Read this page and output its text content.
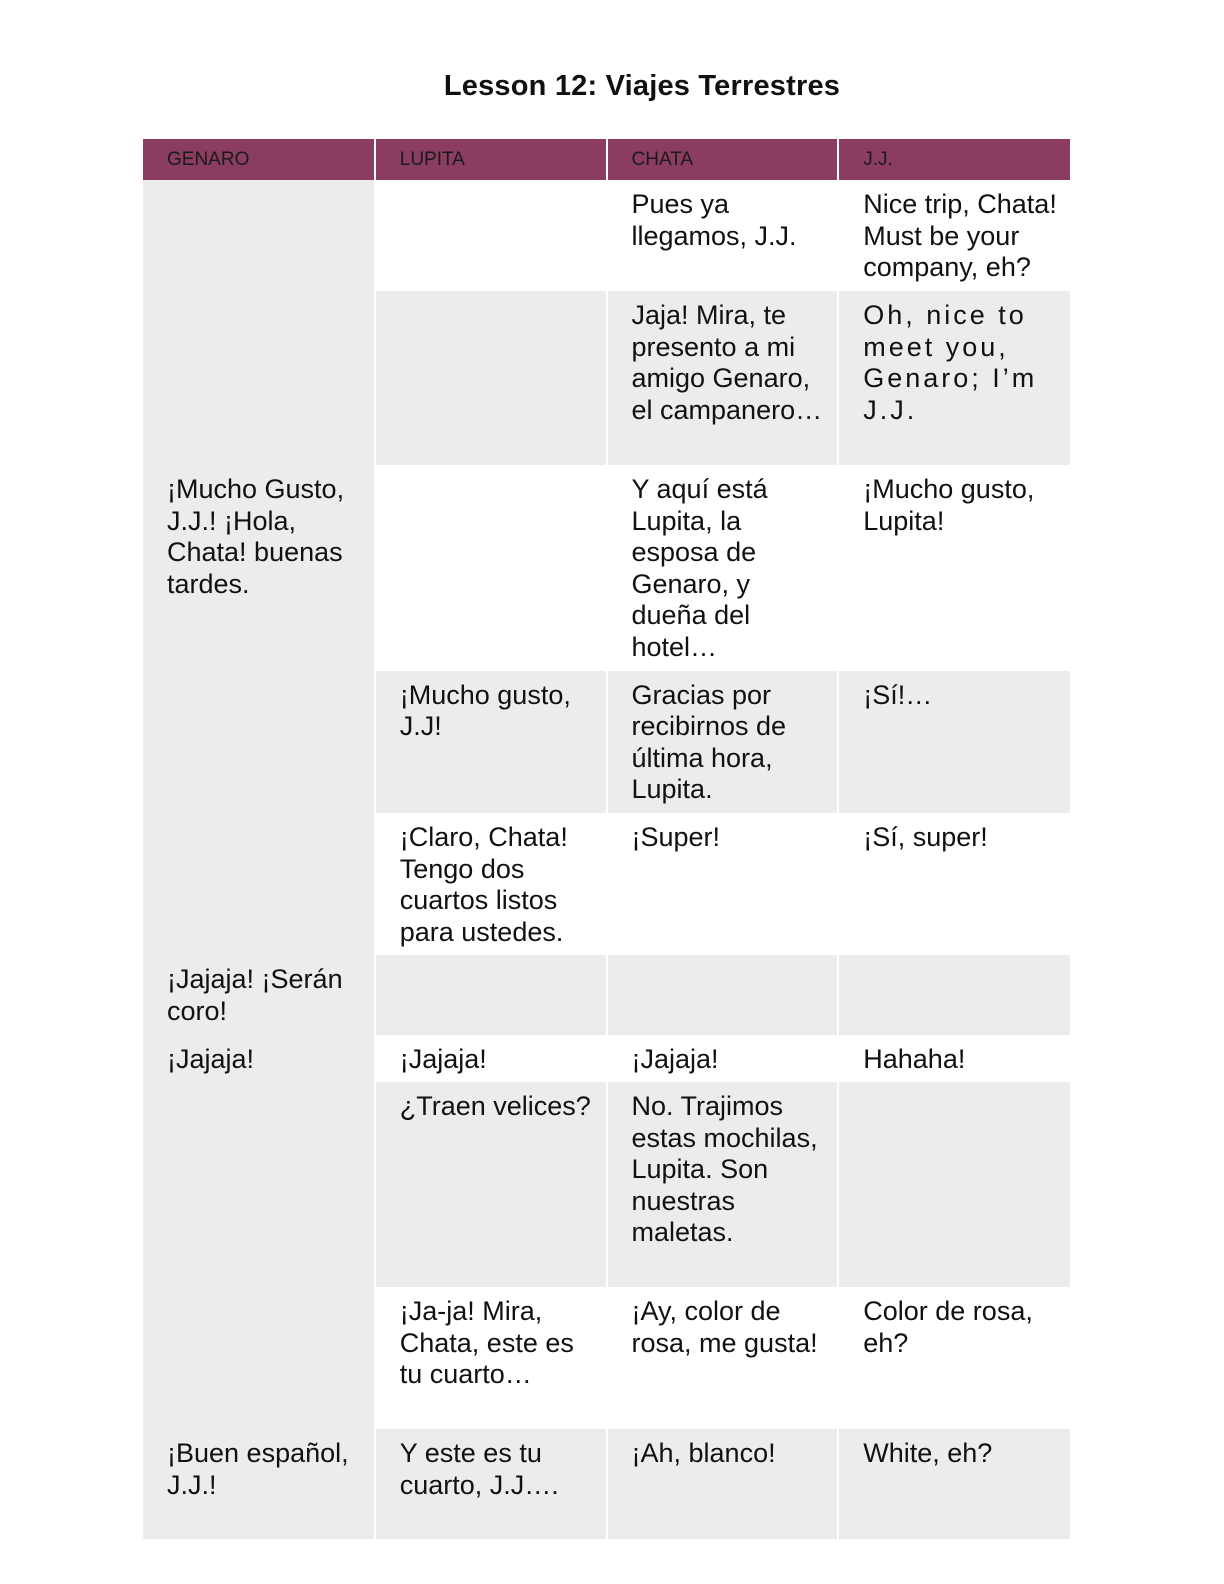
Lesson 12: Viajes Terrestres
GENARO	LUPITA	CHATA	J.J.
		Pues ya llegamos, J.J.	Nice trip, Chata! Must be your company, eh?
		Jaja! Mira, te presento a mi amigo Genaro, el campanero…	Oh, nice to meet you, Genaro; I’m J.J.
¡Mucho Gusto, J.J.! ¡Hola, Chata! buenas tardes.		Y aquí está Lupita, la esposa de Genaro, y dueña del hotel…	¡Mucho gusto, Lupita!
	¡Mucho gusto, J.J!	Gracias por recibirnos de última hora, Lupita.	¡Sí!…
	¡Claro, Chata! Tengo dos cuartos listos para ustedes.	¡Super!	¡Sí, super!
¡Jajaja! ¡Serán coro!			
¡Jajaja!	¡Jajaja!	¡Jajaja!	Hahaha!
	¿Traen velices?	No. Trajimos estas mochilas, Lupita. Son nuestras maletas.	
	¡Ja-ja! Mira, Chata, este es tu cuarto…	¡Ay, color de rosa, me gusta!	Color de rosa, eh?
¡Buen español, J.J.!	Y este es tu cuarto, J.J….	¡Ah, blanco!	White, eh?
